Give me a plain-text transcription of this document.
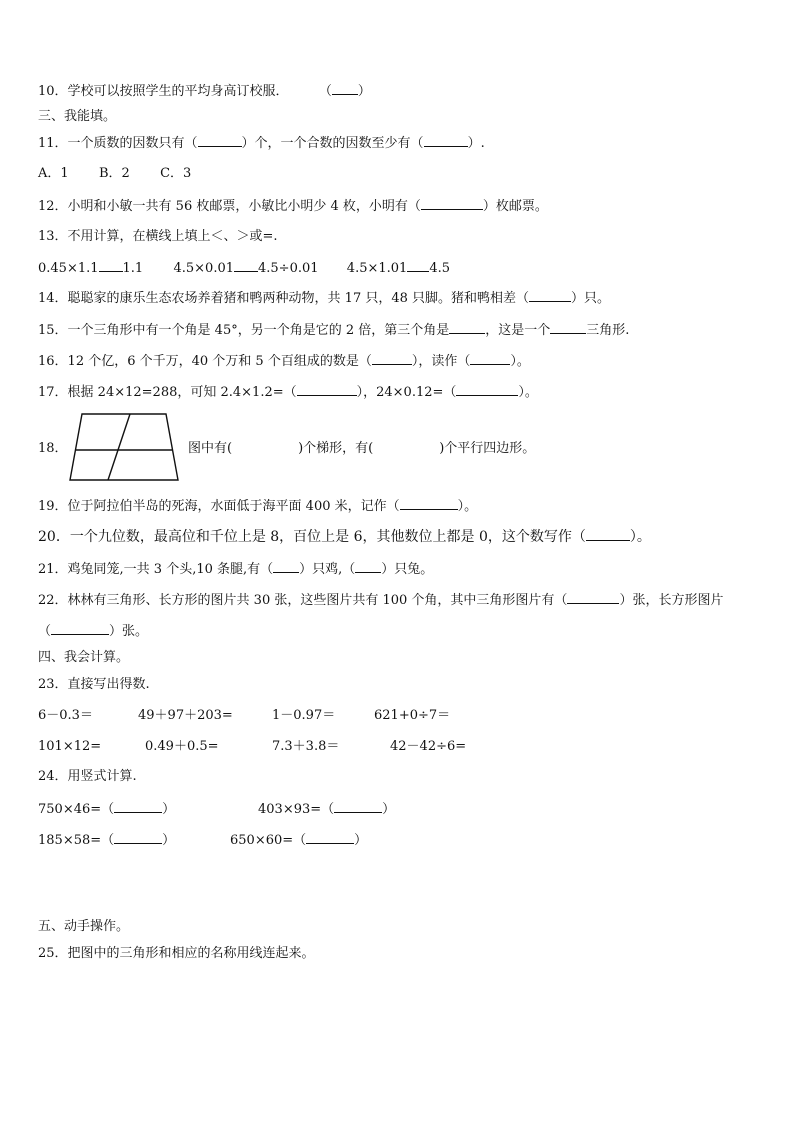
10．学校可以按照学生的平均身高订校服． （ ）
三、我能填。
11．一个质数的因数只有（	）个，一个合数的因数至少有（	）.
A．1 B．2 C．3
12．小明和小敏一共有 56 枚邮票，小敏比小明少 4 枚，小明有（	）枚邮票。
13．不用计算，在横线上填上＜、＞或=.
0.45×1.1 1.1 4.5×0.01 4.5÷0.01 4.5×1.01 4.5
14．聪聪家的康乐生态农场养着猪和鸭两种动物，共 17 只，48 只脚。猪和鸭相差（	）只。
15．一个三角形中有一个角是 45°，另一个角是它的 2 倍，第三个角是	，这是一个	三角形.
16．12 个亿，6 个千万，40 个万和 5 个百组成的数是（	），读作（	）。
17．根据 24×12=288，可知 2.4×1.2=（	），24×0.12=（	）。
18．	图中有(	)个梯形，有(	)个平行四边形。
19．位于阿拉伯半岛的死海，水面低于海平面 400 米，记作（	）。
20．一个九位数，最高位和千位上是 8，百位上是 6，其他数位上都是 0，这个数写作（	）。
21．鸡兔同笼,一共 3 个头,10 条腿,有（ ）只鸡,（ ）只兔。
22．林林有三角形、长方形的图片共 30 张，这些图片共有 100 个角，其中三角形图片有（	）张，长方形图片
（	）张。
四、我会计算。
23．直接写出得数.
6－0.3＝	49＋97＋203=	1－0.97＝	621+0÷7＝
101×12=	0.49＋0.5=	7.3＋3.8＝	42－42÷6=
24．用竖式计算.
750×46=（	）	403×93=（	）
185×58=（	）	650×60=（	）
五、动手操作。
25．把图中的三角形和相应的名称用线连起来。
